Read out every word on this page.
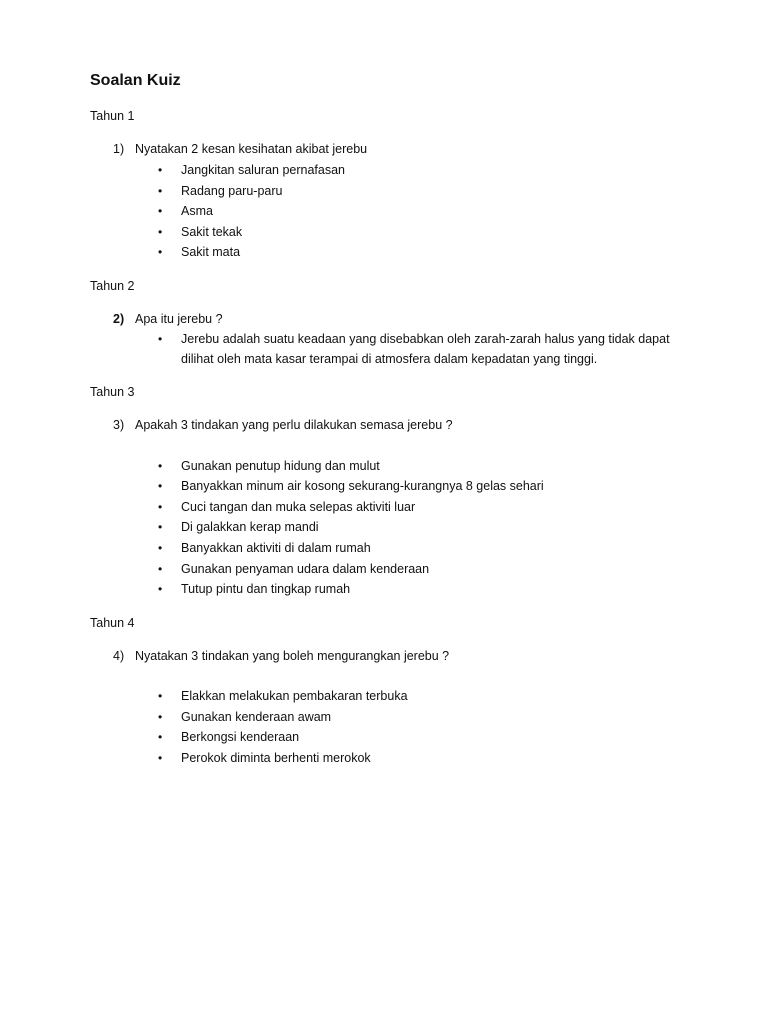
Soalan Kuiz
Tahun 1
1) Nyatakan 2 kesan kesihatan akibat jerebu
• Jangkitan saluran pernafasan
• Radang paru-paru
• Asma
• Sakit tekak
• Sakit mata
Tahun 2
2) Apa itu jerebu ?
• Jerebu adalah suatu keadaan yang disebabkan oleh zarah-zarah halus yang tidak dapat dilihat oleh mata kasar terampai di atmosfera dalam kepadatan yang tinggi.
Tahun 3
3) Apakah 3 tindakan yang perlu dilakukan semasa jerebu ?
• Gunakan penutup hidung dan mulut
• Banyakkan minum air kosong sekurang-kurangnya 8 gelas sehari
• Cuci tangan dan muka selepas aktiviti luar
• Di galakkan kerap mandi
• Banyakkan aktiviti di dalam rumah
• Gunakan penyaman udara dalam kenderaan
• Tutup pintu dan tingkap rumah
Tahun 4
4) Nyatakan 3 tindakan yang boleh mengurangkan jerebu ?
• Elakkan melakukan pembakaran terbuka
• Gunakan kenderaan awam
• Berkongsi kenderaan
• Perokok diminta berhenti merokok
